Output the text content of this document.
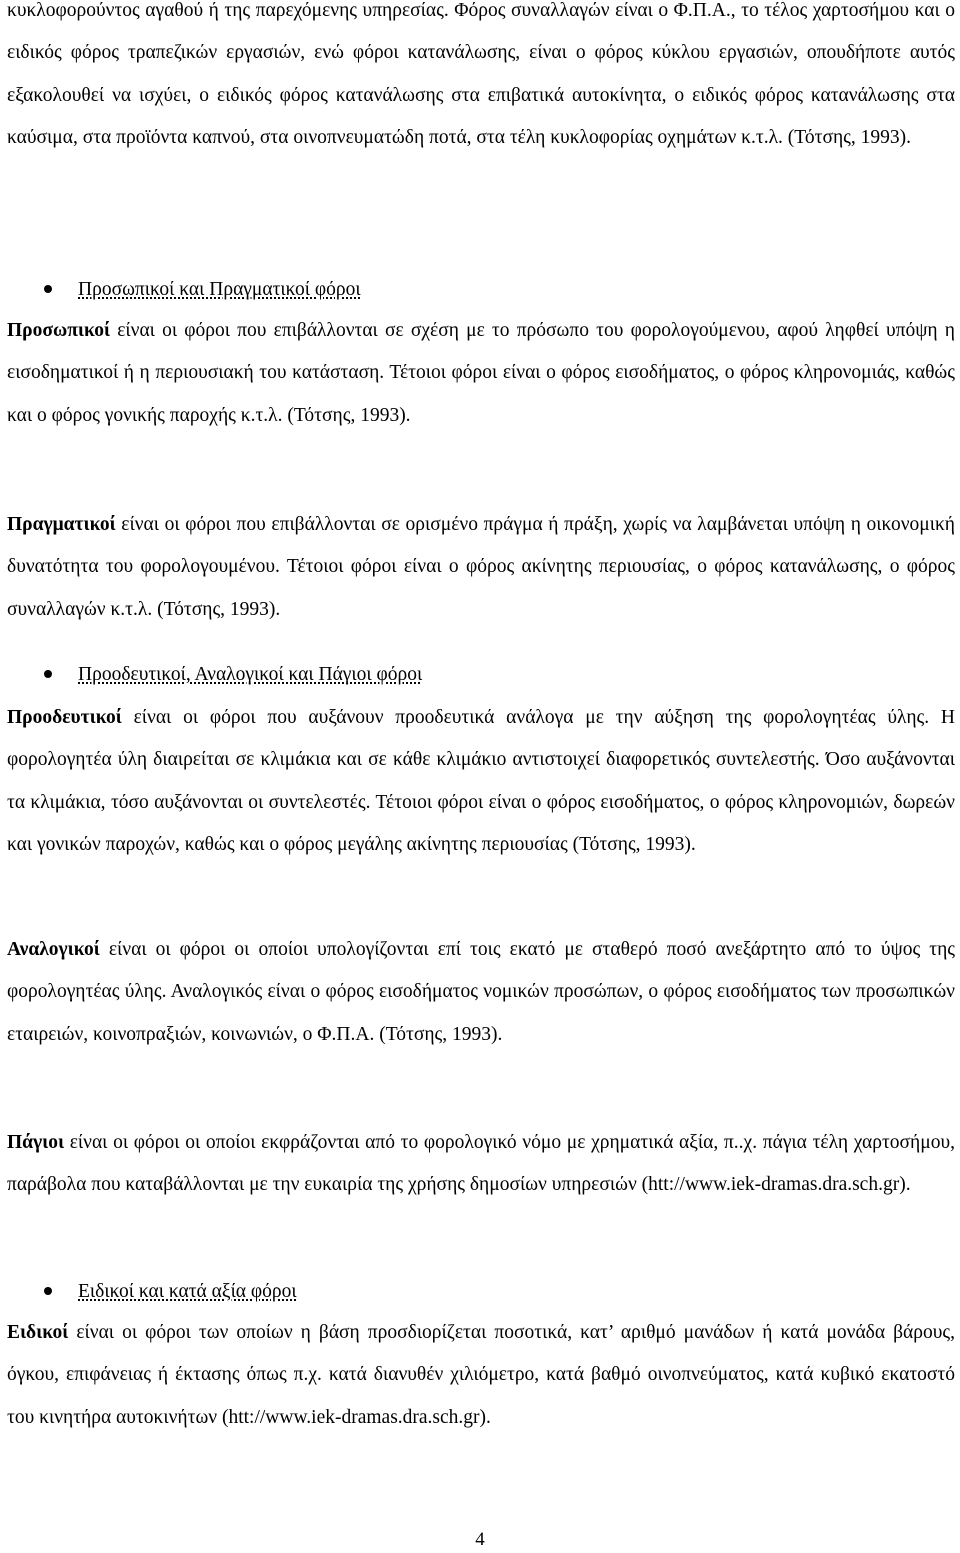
κυκλοφορούντος αγαθού ή της παρεχόμενης υπηρεσίας. Φόρος συναλλαγών είναι ο Φ.Π.Α., το τέλος χαρτοσήμου και ο ειδικός φόρος τραπεζικών εργασιών, ενώ φόροι κατανάλωσης, είναι ο φόρος κύκλου εργασιών, οπουδήποτε αυτός εξακολουθεί να ισχύει, ο ειδικός φόρος κατανάλωσης στα επιβατικά αυτοκίνητα, ο ειδικός φόρος κατανάλωσης στα καύσιμα, στα προϊόντα καπνού, στα οινοπνευματώδη ποτά, στα τέλη κυκλοφορίας οχημάτων κ.τ.λ. (Τότσης, 1993).

Προσωπικοί και Πραγματικοί φόροι

Προσωπικοί είναι οι φόροι που επιβάλλονται σε σχέση με το πρόσωπο του φορολογούμενου, αφού ληφθεί υπόψη η εισοδηματικοί ή η περιουσιακή του κατάσταση. Τέτοιοι φόροι είναι ο φόρος εισοδήματος, ο φόρος κληρονομιάς, καθώς και ο φόρος γονικής παροχής κ.τ.λ. (Τότσης, 1993).

Πραγματικοί είναι οι φόροι που επιβάλλονται σε ορισμένο πράγμα ή πράξη, χωρίς να λαμβάνεται υπόψη η οικονομική δυνατότητα του φορολογουμένου. Τέτοιοι φόροι είναι ο φόρος ακίνητης περιουσίας, ο φόρος κατανάλωσης, ο φόρος συναλλαγών κ.τ.λ. (Τότσης, 1993).

Προοδευτικοί, Αναλογικοί και Πάγιοι φόροι

Προοδευτικοί είναι οι φόροι που αυξάνουν προοδευτικά ανάλογα με την αύξηση της φορολογητέας ύλης. Η φορολογητέα ύλη διαιρείται σε κλιμάκια και σε κάθε κλιμάκιο αντιστοιχεί διαφορετικός συντελεστής. Όσο αυξάνονται τα κλιμάκια, τόσο αυξάνονται οι συντελεστές. Τέτοιοι φόροι είναι ο φόρος εισοδήματος, ο φόρος κληρονομιών, δωρεών και γονικών παροχών, καθώς και ο φόρος μεγάλης ακίνητης περιουσίας (Τότσης, 1993).

Αναλογικοί είναι οι φόροι οι οποίοι υπολογίζονται επί τοις εκατό με σταθερό ποσό ανεξάρτητο από το ύψος της φορολογητέας ύλης. Αναλογικός είναι ο φόρος εισοδήματος νομικών προσώπων, ο φόρος εισοδήματος των προσωπικών εταιρειών, κοινοπραξιών, κοινωνιών, ο Φ.Π.Α. (Τότσης, 1993).

Πάγιοι είναι οι φόροι οι οποίοι εκφράζονται από το φορολογικό νόμο με χρηματικά αξία, π..χ. πάγια τέλη χαρτοσήμου, παράβολα που καταβάλλονται με την ευκαιρία της χρήσης δημοσίων υπηρεσιών (htt://www.iek-dramas.dra.sch.gr).

Ειδικοί και κατά αξία φόροι

Ειδικοί είναι οι φόροι των οποίων η βάση προσδιορίζεται ποσοτικά, κατ’ αριθμό μανάδων ή κατά μονάδα βάρους, όγκου, επιφάνειας ή έκτασης όπως π.χ. κατά διανυθέν χιλιόμετρο, κατά βαθμό οινοπνεύματος, κατά κυβικό εκατοστό του κινητήρα αυτοκινήτων (htt://www.iek-dramas.dra.sch.gr).

4
